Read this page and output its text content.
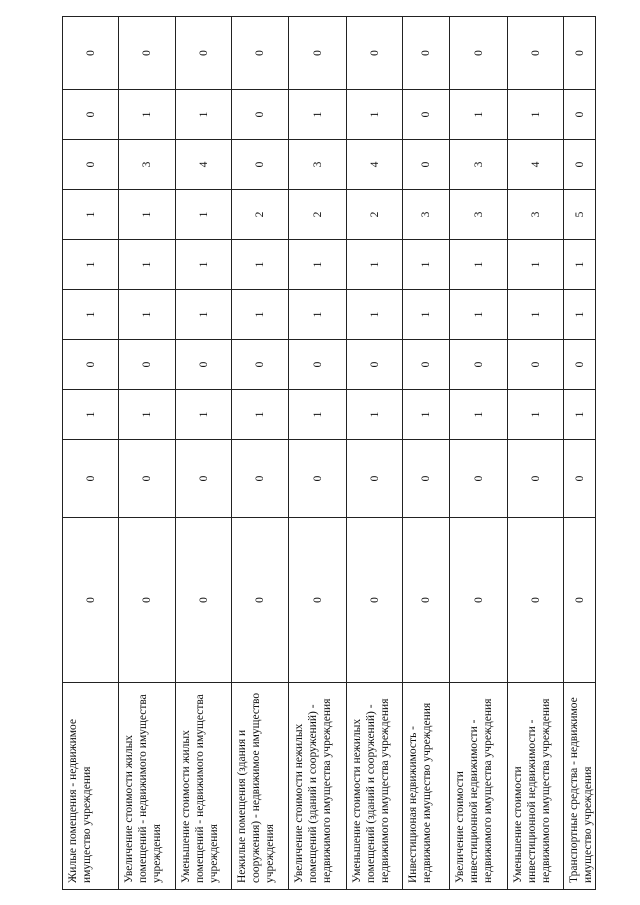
Жилые помещения - недвижимое имущество учреждения	0	0	1	0	1	1	1	0	0	0
Увеличение стоимости жилых помещений - недвижимого имущества учреждения	0	0	1	0	1	1	1	3	1	0
Уменьшение стоимости жилых помещений - недвижимого имущества учреждения	0	0	1	0	1	1	1	4	1	0
Нежилые помещения (здания и сооружения) - недвижимое имущество учреждения	0	0	1	0	1	1	2	0	0	0
Увеличение стоимости нежилых помещений (зданий и сооружений) - недвижимого имущества учреждения	0	0	1	0	1	1	2	3	1	0
Уменьшение стоимости нежилых помещений (зданий и сооружений) - недвижимого имущества учреждения	0	0	1	0	1	1	2	4	1	0
Инвестиционая недвижимость - недвижимое имущество учреждения	0	0	1	0	1	1	3	0	0	0
Увеличение стоимости инвестиционной недвижимости - недвижимого имущества учреждения	0	0	1	0	1	1	3	3	1	0
Уменьшение стоимости инвестиционной недвижимости - недвижимого имущества учреждения	0	0	1	0	1	1	3	4	1	0
Транспортные средства - недвижимое имущество учреждения	0	0	1	0	1	1	5	0	0	0
